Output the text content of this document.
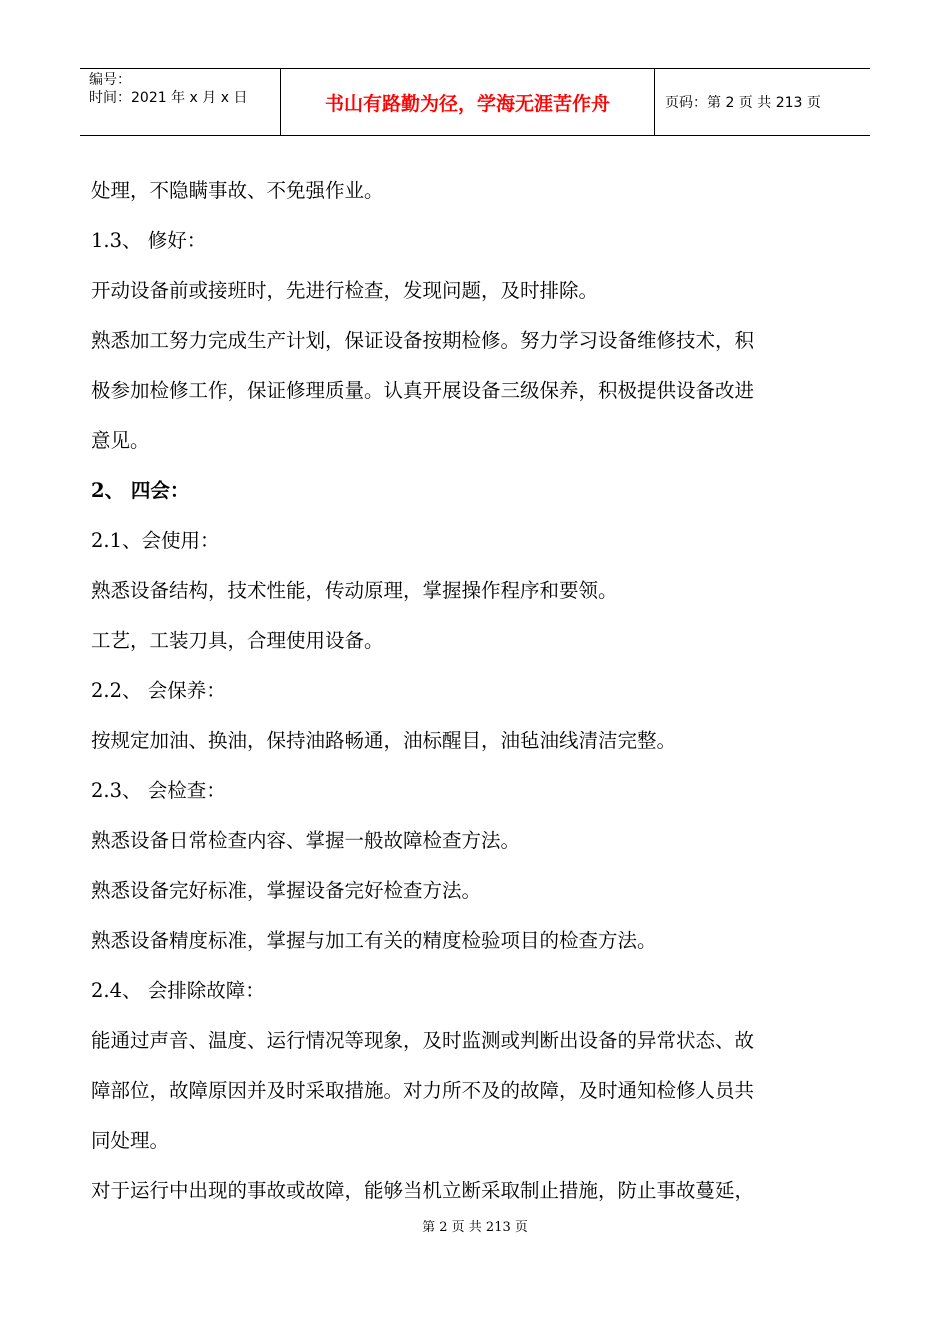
编号：
时间：2021 年 x 月 x 日	书山有路勤为径，学海无涯苦作舟	页码：第 2 页 共 213 页
处理，不隐瞒事故、不免强作业。
1.3、 修好：
开动设备前或接班时，先进行检查，发现问题，及时排除。
熟悉加工努力完成生产计划，保证设备按期检修。努力学习设备维修技术，积
极参加检修工作，保证修理质量。认真开展设备三级保养，积极提供设备改进
意见。
2、 四会：
2.1、会使用：
熟悉设备结构，技术性能，传动原理，掌握操作程序和要领。
工艺，工装刀具，合理使用设备。
2.2、 会保养：
按规定加油、换油，保持油路畅通，油标醒目，油毡油线清洁完整。
2.3、 会检查：
熟悉设备日常检查内容、掌握一般故障检查方法。
熟悉设备完好标准，掌握设备完好检查方法。
熟悉设备精度标准，掌握与加工有关的精度检验项目的检查方法。
2.4、 会排除故障：
能通过声音、温度、运行情况等现象，及时监测或判断出设备的异常状态、故
障部位，故障原因并及时采取措施。对力所不及的故障，及时通知检修人员共
同处理。
对于运行中出现的事故或故障，能够当机立断采取制止措施，防止事故蔓延，
第 2 页 共 213 页
